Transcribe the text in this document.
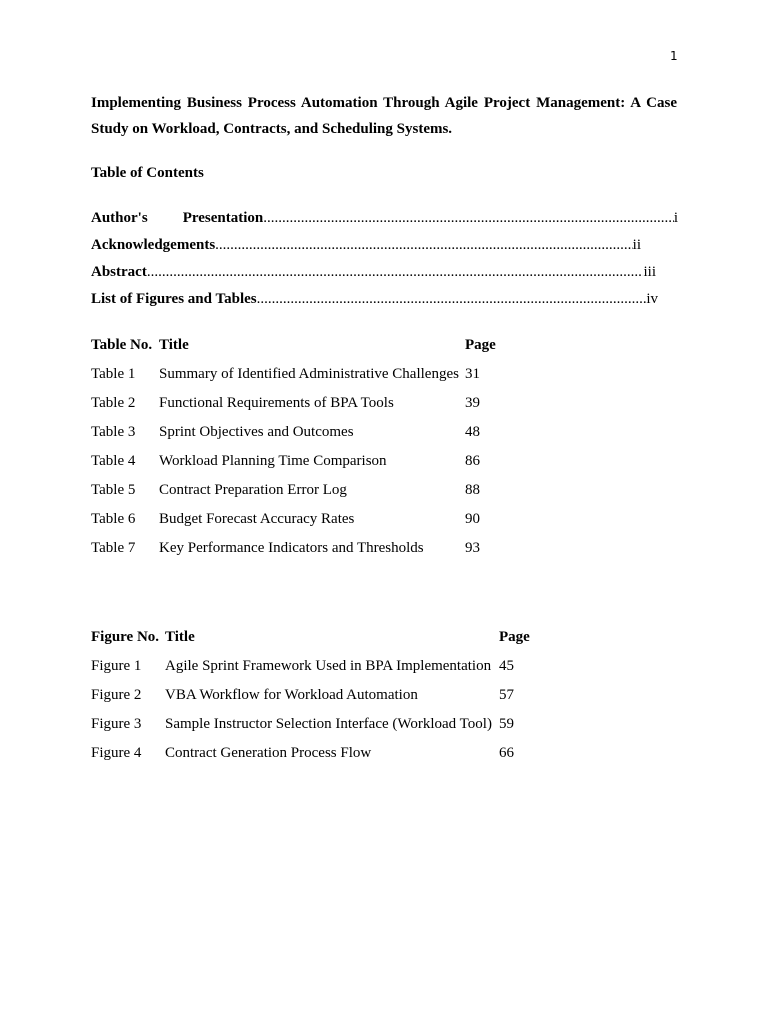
1

Implementing Business Process Automation Through Agile Project Management: A Case Study on Workload, Contracts, and Scheduling Systems.

Table of Contents

Author's Presentation .....	i
Acknowledgements .....	ii
Abstract .....	iii
List of Figures and Tables .....	iv
Table No.	Title	Page
Table 1	Summary of Identified Administrative Challenges	31
Table 2	Functional Requirements of BPA Tools	39
Table 3	Sprint Objectives and Outcomes	48
Table 4	Workload Planning Time Comparison	86
Table 5	Contract Preparation Error Log	88
Table 6	Budget Forecast Accuracy Rates	90
Table 7	Key Performance Indicators and Thresholds	93
Figure No.	Title	Page
Figure 1	Agile Sprint Framework Used in BPA Implementation	45
Figure 2	VBA Workflow for Workload Automation	57
Figure 3	Sample Instructor Selection Interface (Workload Tool)	59
Figure 4	Contract Generation Process Flow	66
